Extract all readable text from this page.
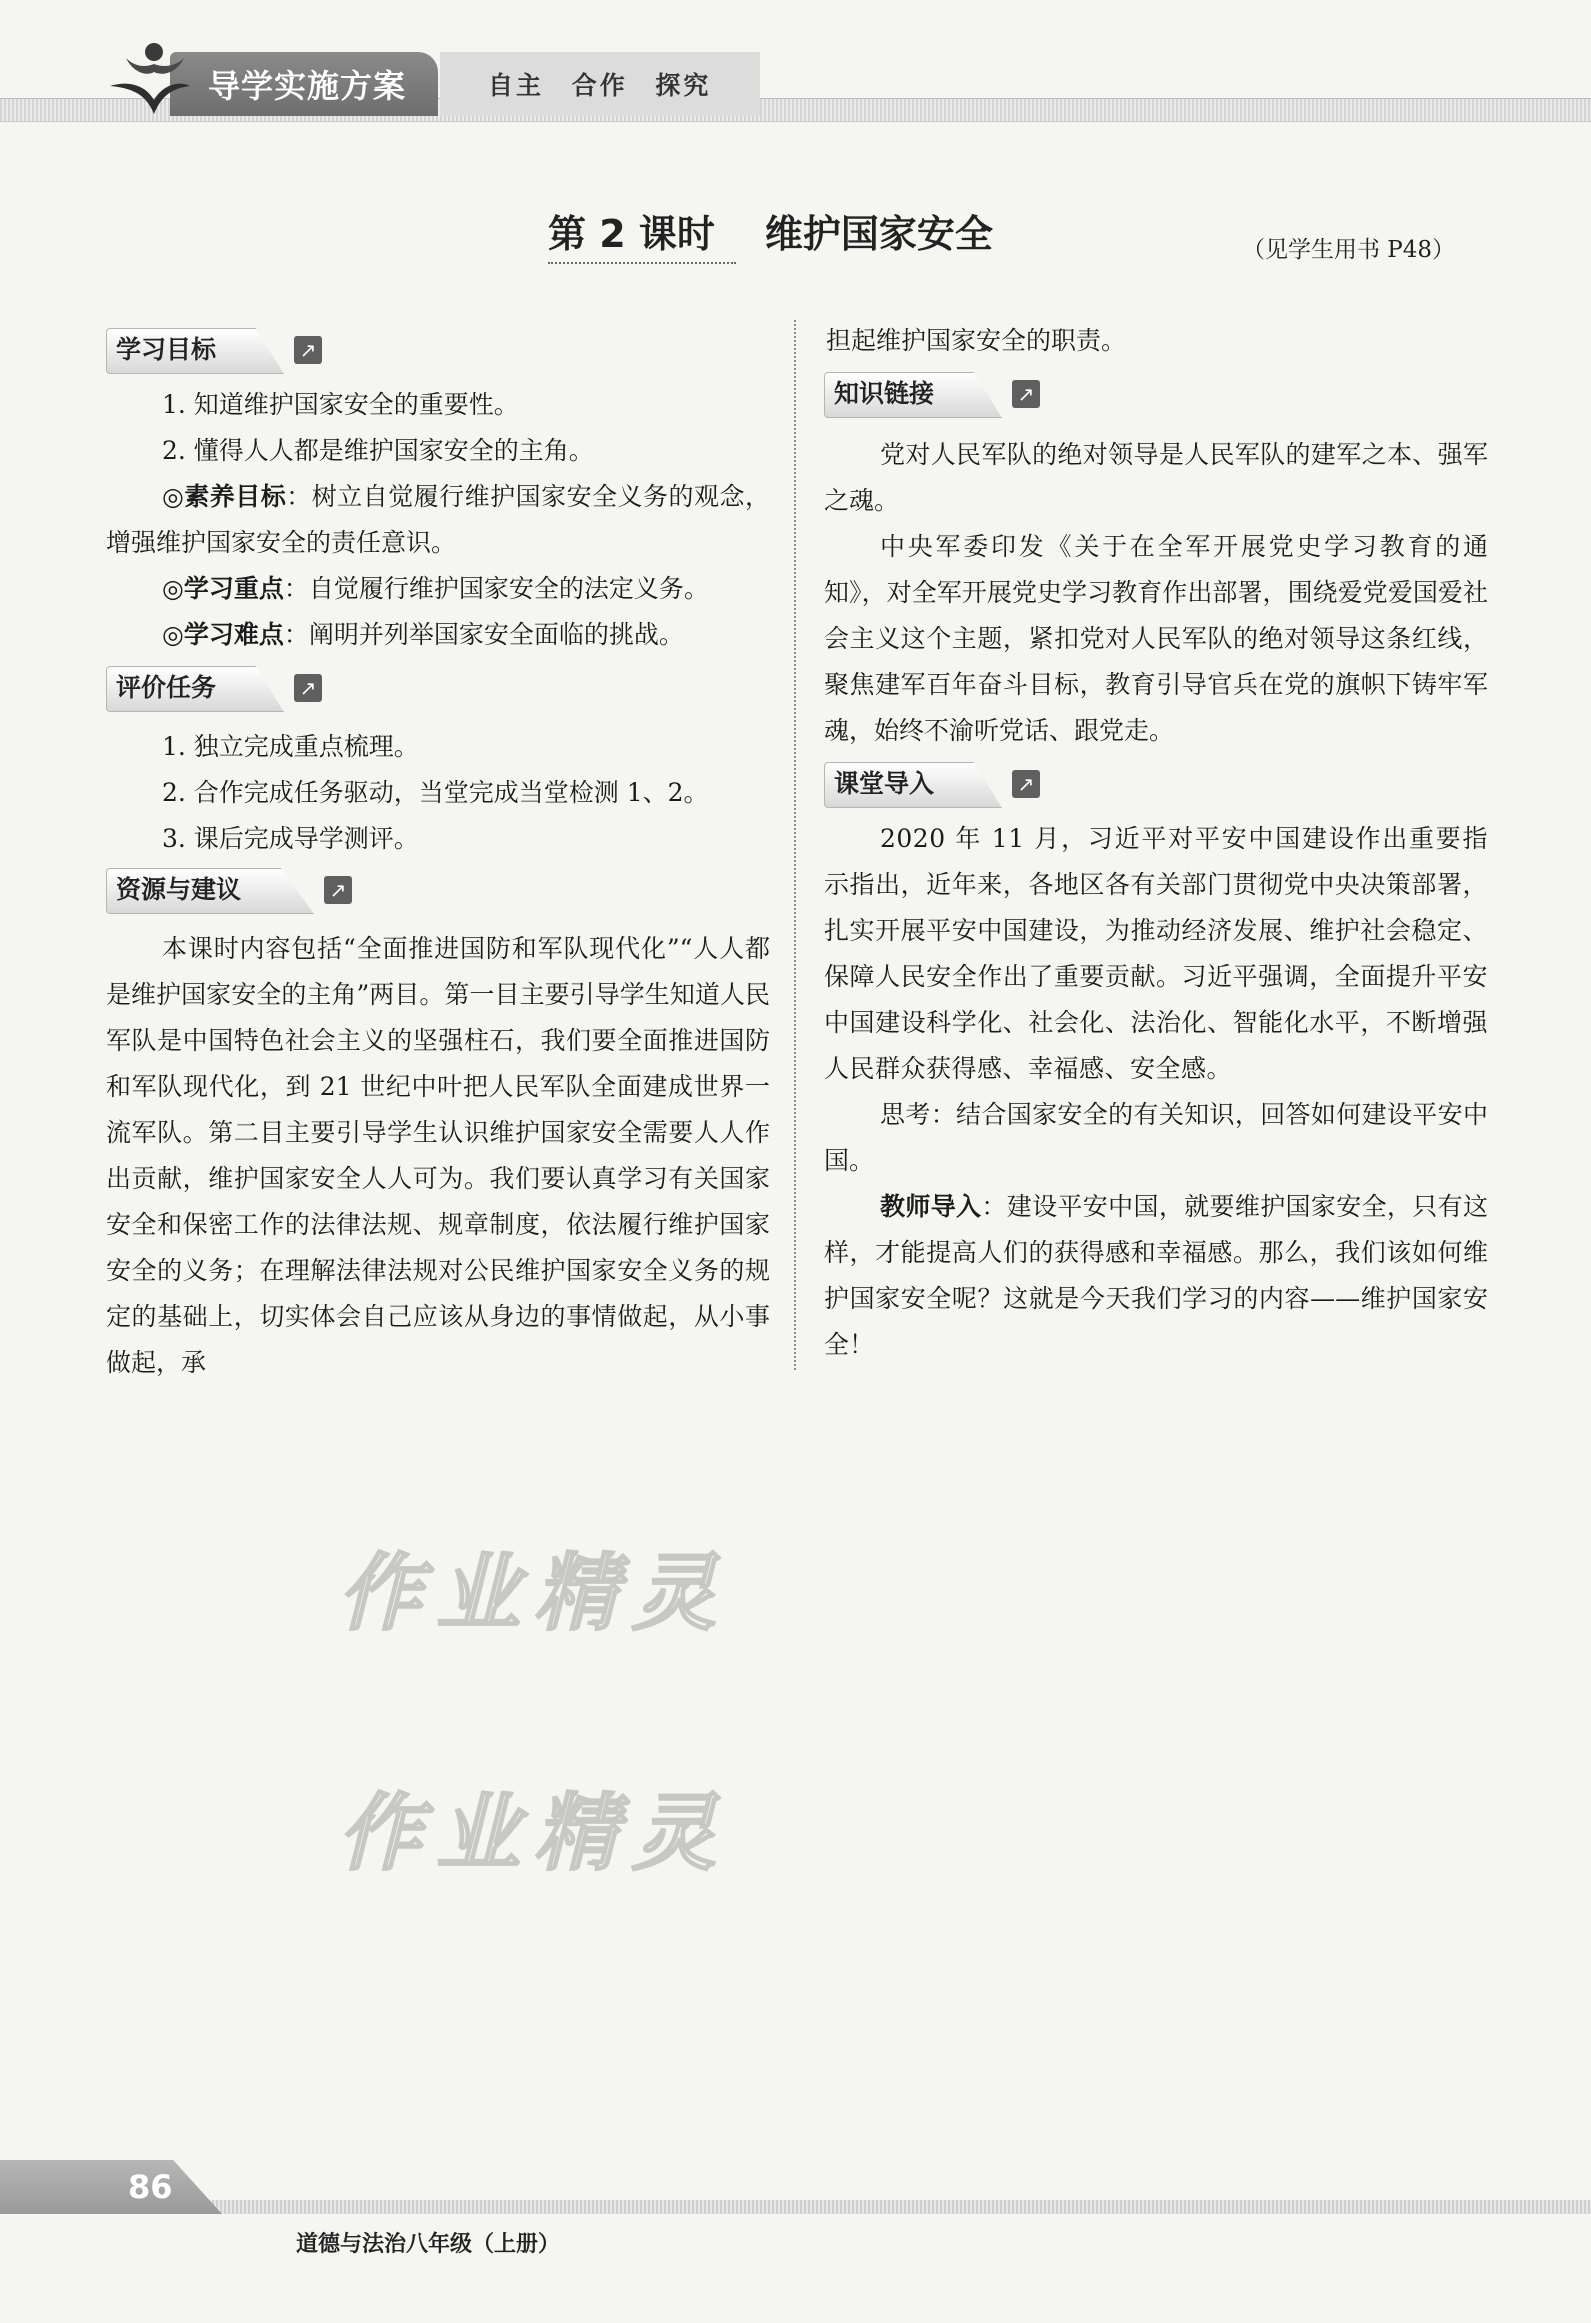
自主 合作 探究
导学实施方案
第 2 课时 维护国家安全	（见学生用书 P48）
学习目标	↗
1. 知道维护国家安全的重要性。
2. 懂得人人都是维护国家安全的主角。
◎素养目标：树立自觉履行维护国家安全义务的观念，增强维护国家安全的责任意识。
◎学习重点：自觉履行维护国家安全的法定义务。
◎学习难点：阐明并列举国家安全面临的挑战。
评价任务	↗
1. 独立完成重点梳理。
2. 合作完成任务驱动，当堂完成当堂检测 1、2。
3. 课后完成导学测评。
资源与建议	↗
本课时内容包括“全面推进国防和军队现代化”“人人都是维护国家安全的主角”两目。第一目主要引导学生知道人民军队是中国特色社会主义的坚强柱石，我们要全面推进国防和军队现代化，到 21 世纪中叶把人民军队全面建成世界一流军队。第二目主要引导学生认识维护国家安全需要人人作出贡献，维护国家安全人人可为。我们要认真学习有关国家安全和保密工作的法律法规、规章制度，依法履行维护国家安全的义务；在理解法律法规对公民维护国家安全义务的规定的基础上，切实体会自己应该从身边的事情做起，从小事做起，承
担起维护国家安全的职责。
知识链接	↗
党对人民军队的绝对领导是人民军队的建军之本、强军之魂。
中央军委印发《关于在全军开展党史学习教育的通知》，对全军开展党史学习教育作出部署，围绕爱党爱国爱社会主义这个主题，紧扣党对人民军队的绝对领导这条红线，聚焦建军百年奋斗目标，教育引导官兵在党的旗帜下铸牢军魂，始终不渝听党话、跟党走。
课堂导入	↗
2020 年 11 月，习近平对平安中国建设作出重要指示指出，近年来，各地区各有关部门贯彻党中央决策部署，扎实开展平安中国建设，为推动经济发展、维护社会稳定、保障人民安全作出了重要贡献。习近平强调，全面提升平安中国建设科学化、社会化、法治化、智能化水平，不断增强人民群众获得感、幸福感、安全感。
思考：结合国家安全的有关知识，回答如何建设平安中国。
教师导入：建设平安中国，就要维护国家安全，只有这样，才能提高人们的获得感和幸福感。那么，我们该如何维护国家安全呢？这就是今天我们学习的内容——维护国家安全！
作业精灵
作业精灵
86
道德与法治八年级（上册）
